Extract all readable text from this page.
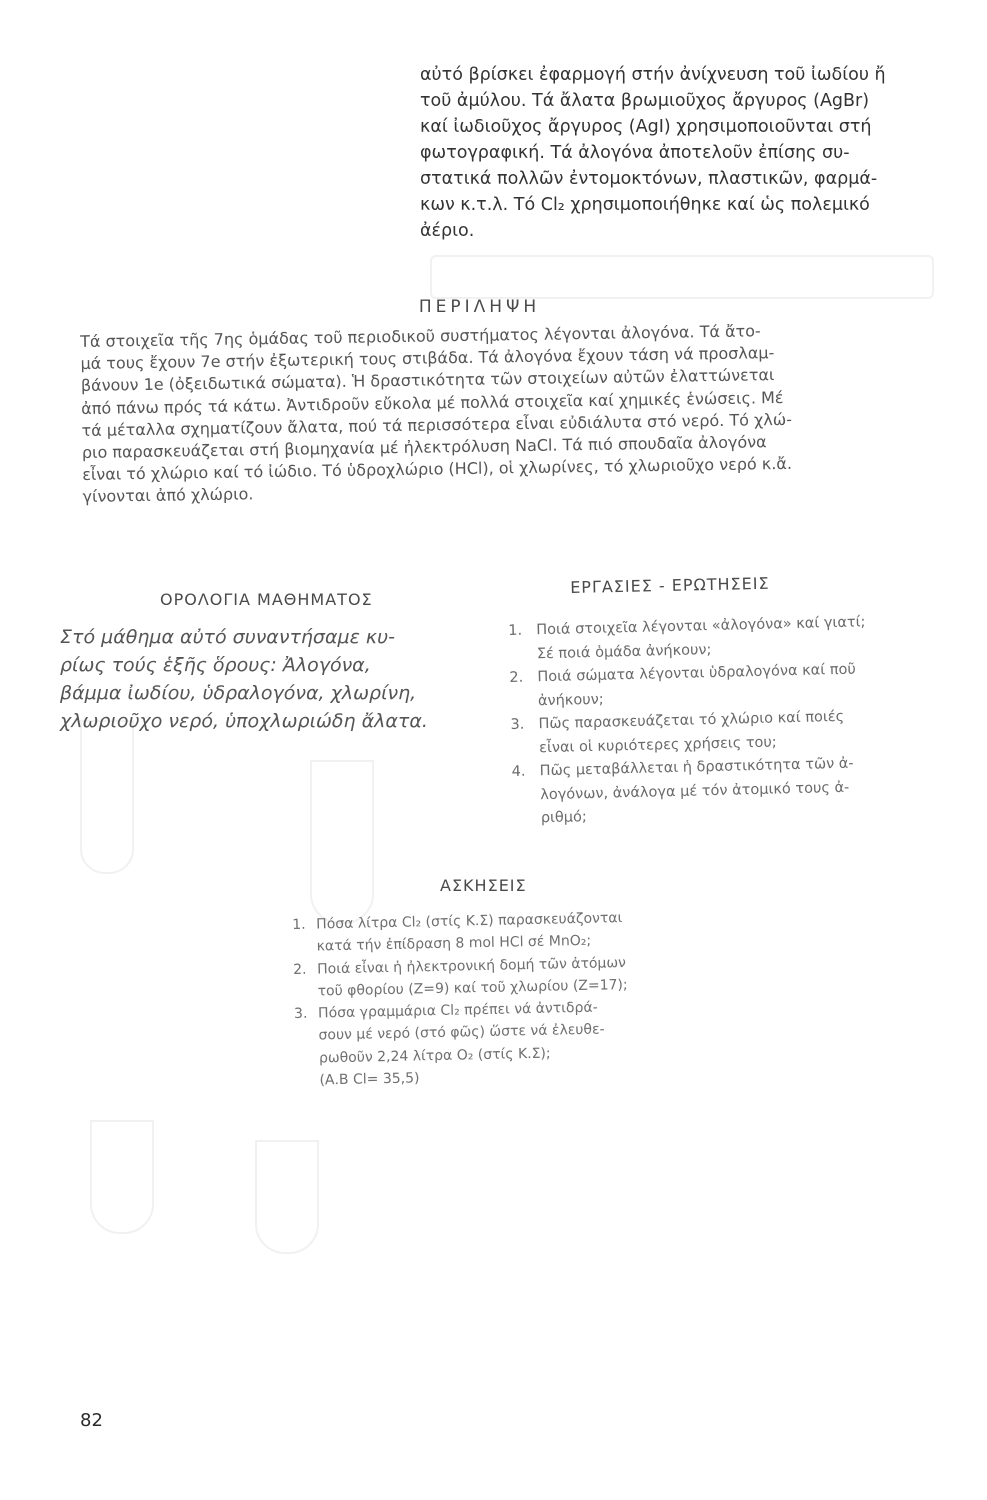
αὐτό βρίσκει ἐφαρμογή στήν ἀνίχνευση τοῦ ἰωδίου ἤ
τοῦ ἀμύλου. Τά ἄλατα βρωμιοῦχος ἄργυρος (AgBr)
καί ἰωδιοῦχος ἄργυρος (AgI) χρησιμοποιοῦνται στή
φωτογραφική. Τά ἀλογόνα ἀποτελοῦν ἐπίσης συ-
στατικά πολλῶν ἐντομοκτόνων, πλαστικῶν, φαρμά-
κων κ.τ.λ. Τό Cl₂ χρησιμοποιήθηκε καί ὡς πολεμικό
ἀέριο.
ΠΕΡΙΛΗΨΗ
Τά στοιχεῖα τῆς 7ης ὁμάδας τοῦ περιοδικοῦ συστήματος λέγονται ἀλογόνα. Τά ἄτο-
μά τους ἔχουν 7e στήν ἐξωτερική τους στιβάδα. Τά ἀλογόνα ἔχουν τάση νά προσλαμ-
βάνουν 1e (ὀξειδωτικά σώματα). Ἡ δραστικότητα τῶν στοιχείων αὐτῶν ἐλαττώνεται
ἀπό πάνω πρός τά κάτω. Ἀντιδροῦν εὔκολα μέ πολλά στοιχεῖα καί χημικές ἑνώσεις. Μέ
τά μέταλλα σχηματίζουν ἄλατα, πού τά περισσότερα εἶναι εὐδιάλυτα στό νερό. Τό χλώ-
ριο παρασκευάζεται στή βιομηχανία μέ ἠλεκτρόλυση NaCl. Τά πιό σπουδαῖα ἀλογόνα
εἶναι τό χλώριο καί τό ἰώδιο. Τό ὑδροχλώριο (HCl), οἱ χλωρίνες, τό χλωριοῦχο νερό κ.ἄ.
γίνονται ἀπό χλώριο.
ΟΡΟΛΟΓΙΑ ΜΑΘΗΜΑΤΟΣ
Στό μάθημα αὐτό συναντήσαμε κυ-
ρίως τούς ἑξῆς ὅρους: Ἀλογόνα,
βάμμα ἰωδίου, ὑδραλογόνα, χλωρίνη,
χλωριοῦχο νερό, ὑποχλωριώδη ἄλατα.
ΕΡΓΑΣΙΕΣ - ΕΡΩΤΗΣΕΙΣ
1. Ποιά στοιχεῖα λέγονται «ἀλογόνα» καί γιατί;
Σέ ποιά ὁμάδα ἀνήκουν;
2. Ποιά σώματα λέγονται ὑδραλογόνα καί ποῦ
ἀνήκουν;
3. Πῶς παρασκευάζεται τό χλώριο καί ποιές
εἶναι οἱ κυριότερες χρήσεις του;
4. Πῶς μεταβάλλεται ἡ δραστικότητα τῶν ἀ-
λογόνων, ἀνάλογα μέ τόν ἀτομικό τους ἀ-
ριθμό;
ΑΣΚΗΣΕΙΣ
1. Πόσα λίτρα Cl₂ (στίς Κ.Σ) παρασκευάζονται
κατά τήν ἐπίδραση 8 mol HCl σέ MnO₂;
2. Ποιά εἶναι ἡ ἠλεκτρονική δομή τῶν ἀτόμων
τοῦ φθορίου (Z=9) καί τοῦ χλωρίου (Z=17);
3. Πόσα γραμμάρια Cl₂ πρέπει νά ἀντιδρά-
σουν μέ νερό (στό φῶς) ὥστε νά ἐλευθε-
ρωθοῦν 2,24 λίτρα O₂ (στίς Κ.Σ);
(Α.Β Cl= 35,5)
82
